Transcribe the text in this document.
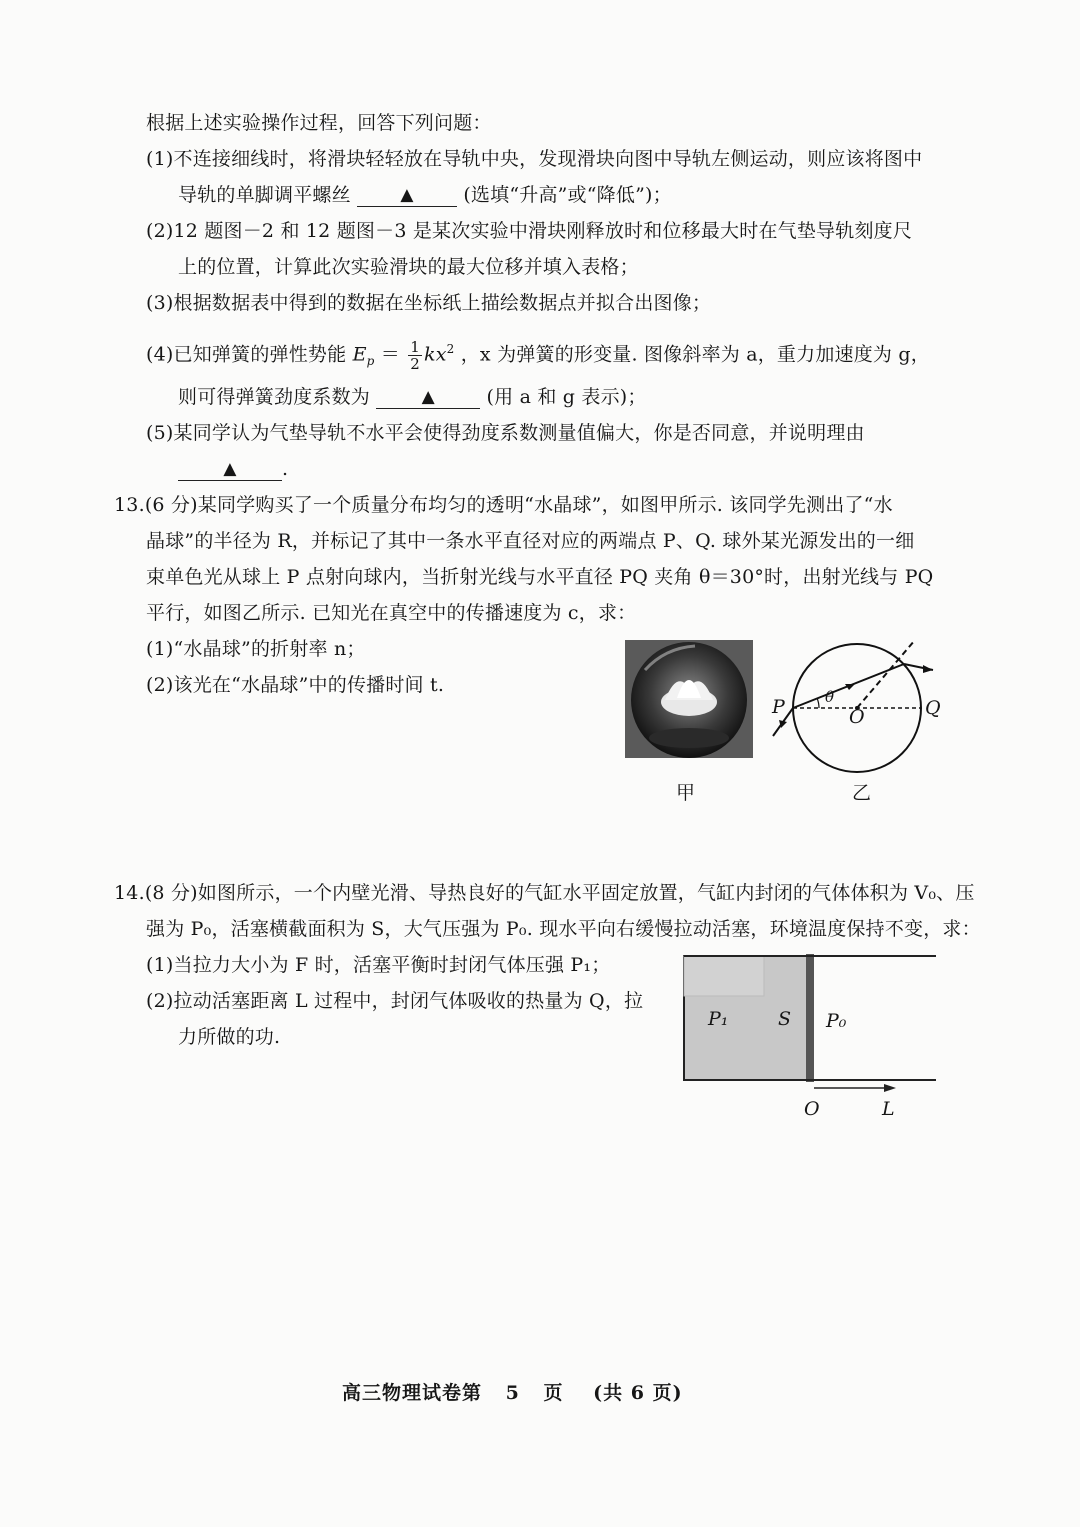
根据上述实验操作过程，回答下列问题：
(1)不连接细线时，将滑块轻轻放在导轨中央，发现滑块向图中导轨左侧运动，则应该将图中
导轨的单脚调平螺丝	▲	(选填“升高”或“降低”)；
(2)12 题图－2 和 12 题图－3 是某次实验中滑块刚释放时和位移最大时在气垫导轨刻度尺
上的位置，计算此次实验滑块的最大位移并填入表格；
(3)根据数据表中得到的数据在坐标纸上描绘数据点并拟合出图像；
(4)已知弹簧的弹性势能 $E_p = \frac{1}{2} kx^2$ ，x 为弹簧的形变量. 图像斜率为 a，重力加速度为 g，
则可得弹簧劲度系数为	▲	(用 a 和 g 表示)；
(5)某同学认为气垫导轨不水平会使得劲度系数测量值偏大，你是否同意，并说明理由
▲ .
13.(6 分)某同学购买了一个质量分布均匀的透明“水晶球”，如图甲所示. 该同学先测出了“水
晶球”的半径为 R，并标记了其中一条水平直径对应的两端点 P、Q. 球外某光源发出的一细
束单色光从球上 P 点射向球内，当折射光线与水平直径 PQ 夹角 θ＝30°时，出射光线与 PQ
平行，如图乙所示. 已知光在真空中的传播速度为 c，求：
(1)“水晶球”的折射率 n；
(2)该光在“水晶球”中的传播时间 t.
甲
P	θ
O	Q
乙
14.(8 分)如图所示，一个内壁光滑、导热良好的气缸水平固定放置，气缸内封闭的气体体积为 V₀、压
强为 P₀，活塞横截面积为 S，大气压强为 P₀. 现水平向右缓慢拉动活塞，环境温度保持不变，求：
(1)当拉力大小为 F 时，活塞平衡时封闭气体压强 P₁；
(2)拉动活塞距离 L 过程中，封闭气体吸收的热量为 Q，拉
力所做的功.
P₁	S P₀
O	L
高三物理试卷第 5 页 (共 6 页)
